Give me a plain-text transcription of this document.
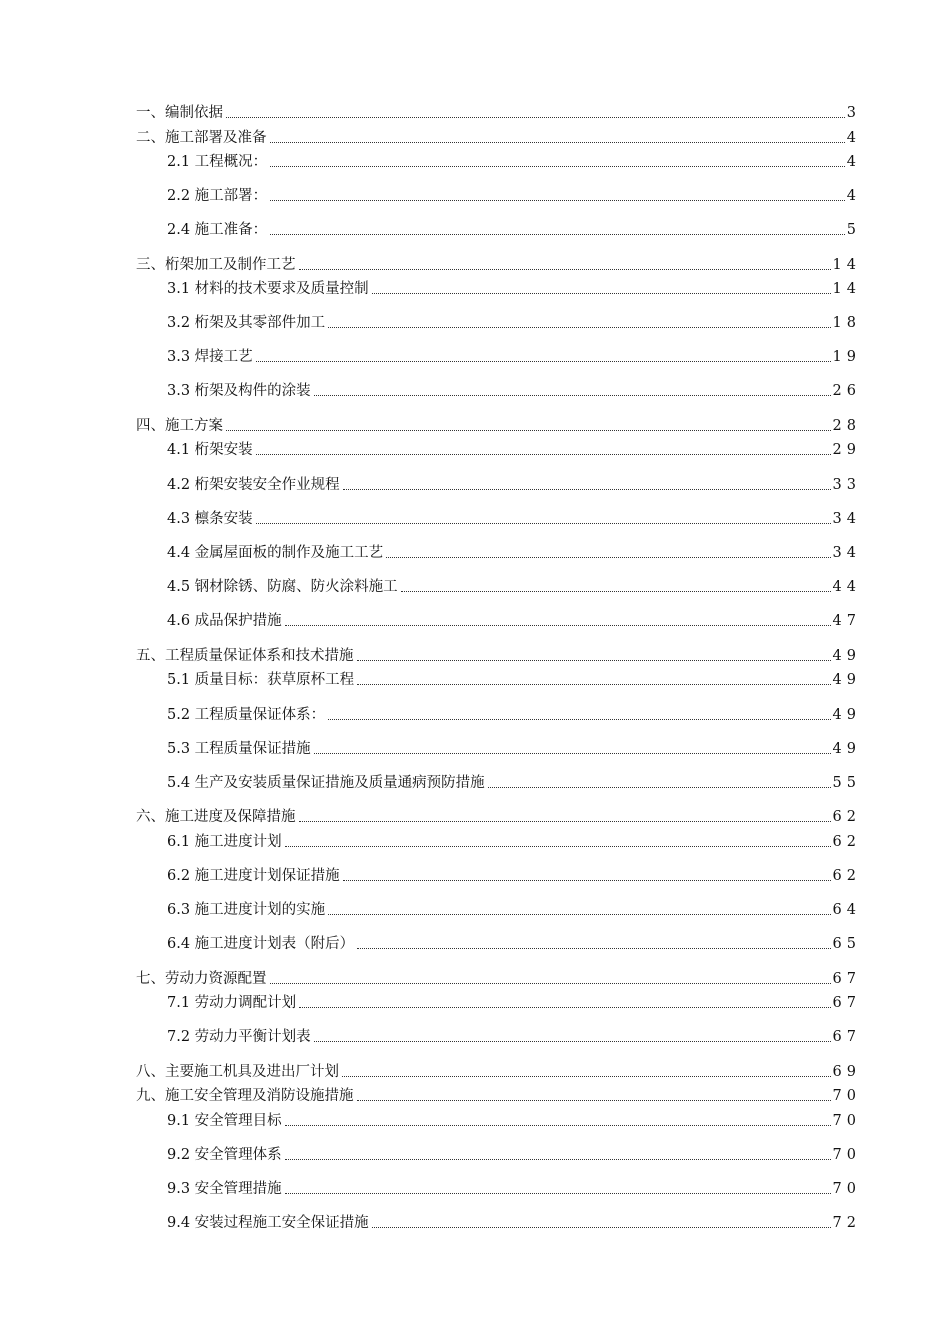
一、编制依据	3
二、施工部署及准备	4
2.1 工程概况：	4
2.2 施工部署：	4
2.4 施工准备：	5
三、桁架加工及制作工艺	14
3.1 材料的技术要求及质量控制	14
3.2 桁架及其零部件加工	18
3.3 焊接工艺	19
3.3 桁架及构件的涂装	26
四、施工方案	28
4.1 桁架安装	29
4.2 桁架安装安全作业规程	33
4.3 檩条安装	34
4.4 金属屋面板的制作及施工工艺	34
4.5 钢材除锈、防腐、防火涂料施工	44
4.6 成品保护措施	47
五、工程质量保证体系和技术措施	49
5.1 质量目标：获草原杯工程	49
5.2 工程质量保证体系：	49
5.3 工程质量保证措施	49
5.4 生产及安装质量保证措施及质量通病预防措施	55
六、施工进度及保障措施	62
6.1 施工进度计划	62
6.2 施工进度计划保证措施	62
6.3 施工进度计划的实施	64
6.4 施工进度计划表（附后）	65
七、劳动力资源配置	67
7.1 劳动力调配计划	67
7.2 劳动力平衡计划表	67
八、主要施工机具及进出厂计划	69
九、施工安全管理及消防设施措施	70
9.1 安全管理目标	70
9.2 安全管理体系	70
9.3 安全管理措施	70
9.4 安装过程施工安全保证措施	72
